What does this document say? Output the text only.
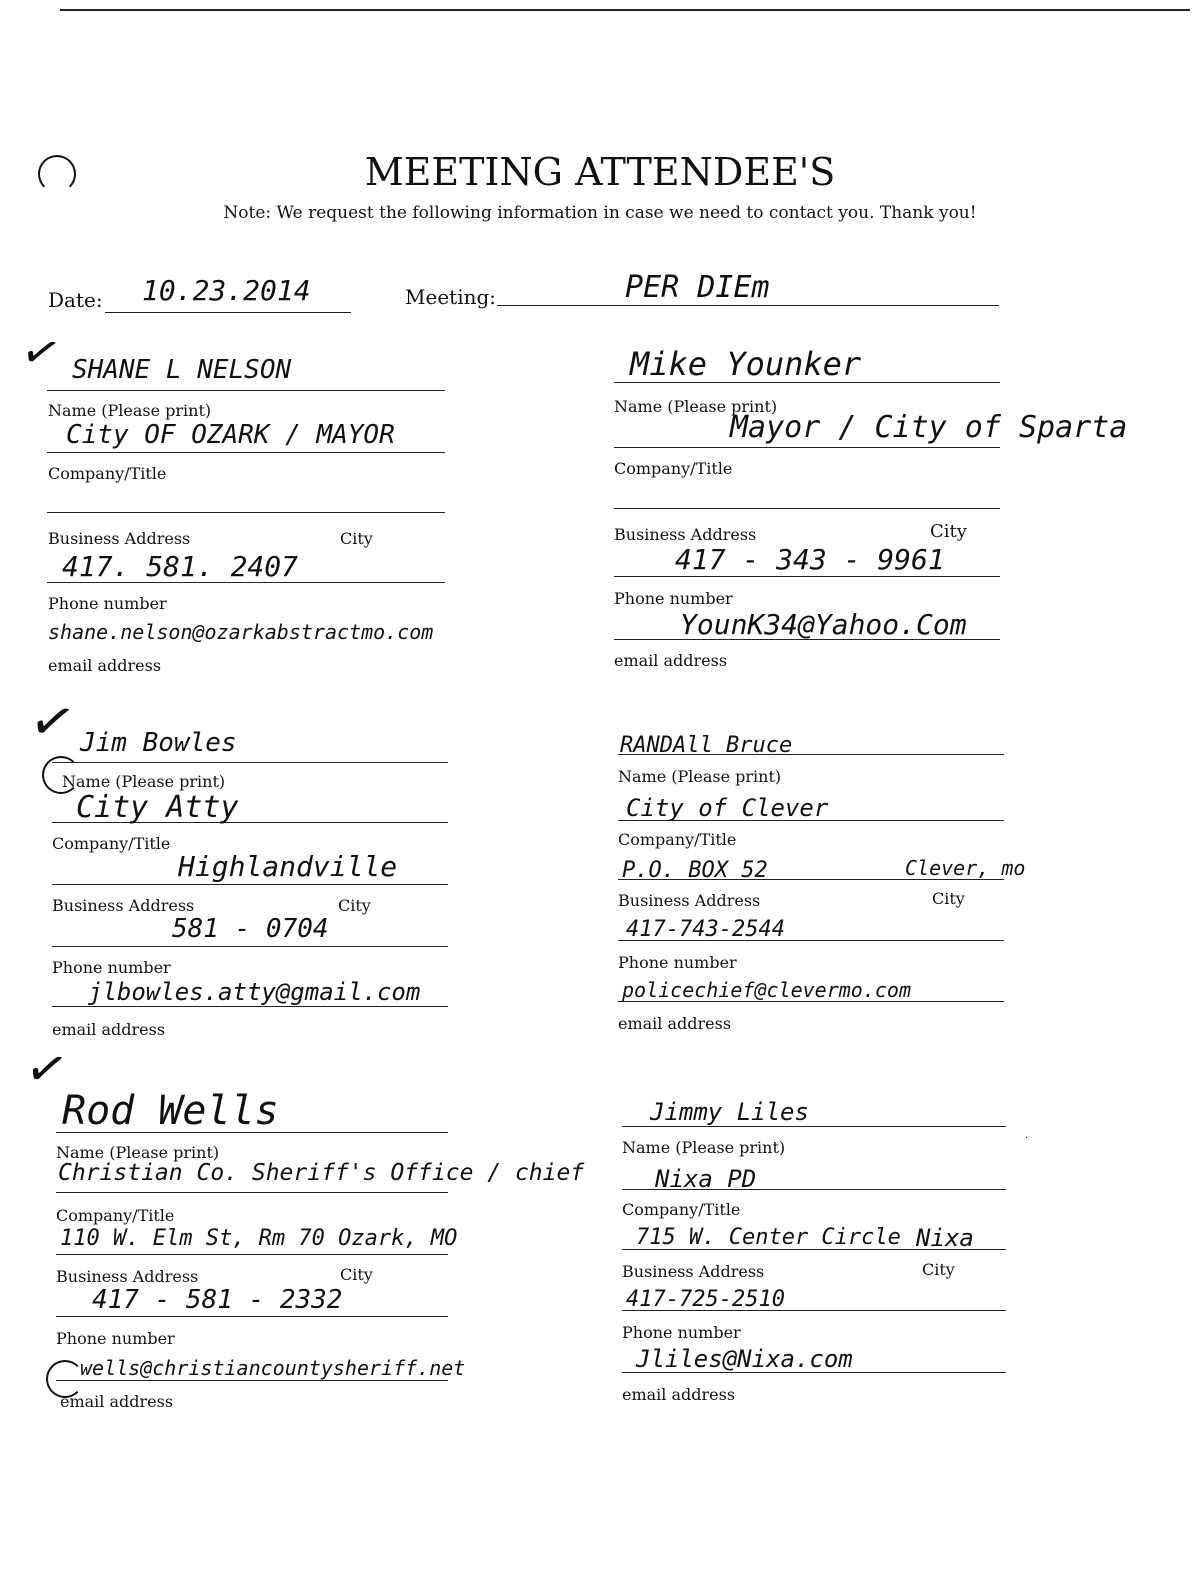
MEETING ATTENDEE'S
Note: We request the following information in case we need to contact you. Thank you!
Date: 10.23.2014	Meeting:	PER DIEm
✓ SHANE L NELSON
Name (Please print)
City OF OZARK / MAYOR
Company/Title
Business Address	City
417. 581. 2407
Phone number
shane.nelson@ozarkabstractmo.com
email address
Mike Younker
Name (Please print)
Mayor / City of Sparta
Company/Title
Business Address	City
417 - 343 - 9961
Phone number
YounK34@Yahoo.Com
email address
✓
Jim Bowles
Name (Please print)
City Atty
Company/Title
Highlandville
Business Address	City
581 - 0704
Phone number
jlbowles.atty@gmail.com
email address
RANDAll Bruce
Name (Please print)
City of Clever
Company/Title
P.O. BOX 52	Clever, mo
Business Address	City
417-743-2544
Phone number
policechief@clevermo.com
email address
✓
Rod Wells
Name (Please print)
Christian Co. Sheriff's Office / chief
Company/Title
110 W. Elm St, Rm 70 Ozark, MO
Business Address	City
417 - 581 - 2332
Phone number
wells@christiancountysheriff.net
email address
Jimmy Liles
Name (Please print)
Nixa PD
Company/Title
715 W. Center Circle Nixa
Business Address	City
417-725-2510
Phone number
Jliles@Nixa.com
email address
·
